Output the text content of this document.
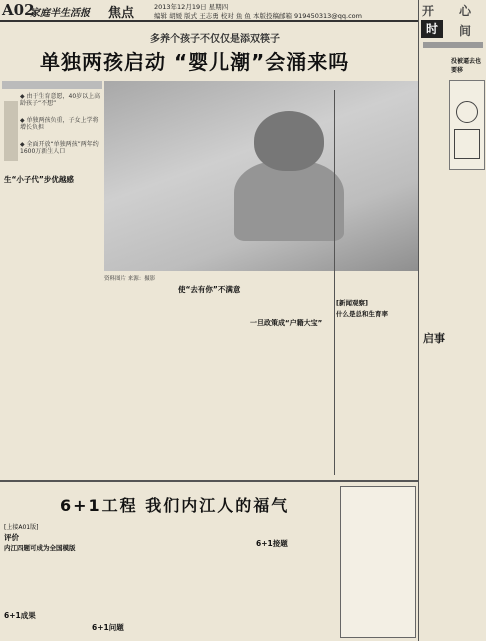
A02
家庭半生活报 焦点	2013年12月19日 星期四
编辑 胡媛 版式 王志勇 校对 鱼 鱼 本版投稿邮箱 919450313@qq.com	开 心
时	间
没被逼去也要移
启事
多养个孩子不仅仅是添双筷子
单独两孩启动 “婴儿潮”会涌来吗
◆ 由于生育意愿，40岁以上高龄孩子“不想”
◆ 单独两孩负重，子女上学将增长负担
◆ 全面开放“单独两孩”两年约1600万新生人口
资料图片 来源：摄影
生“小子代”步优越感
使“去有你”不满意
一旦政策成“户籍大宝”
[新闻观察]
什么是总和生育率
6+1工程 我们内江人的福气
[上接A01版]
评价
内江四题可成为全国模版
6+1成果
6+1问题
6+1接题
